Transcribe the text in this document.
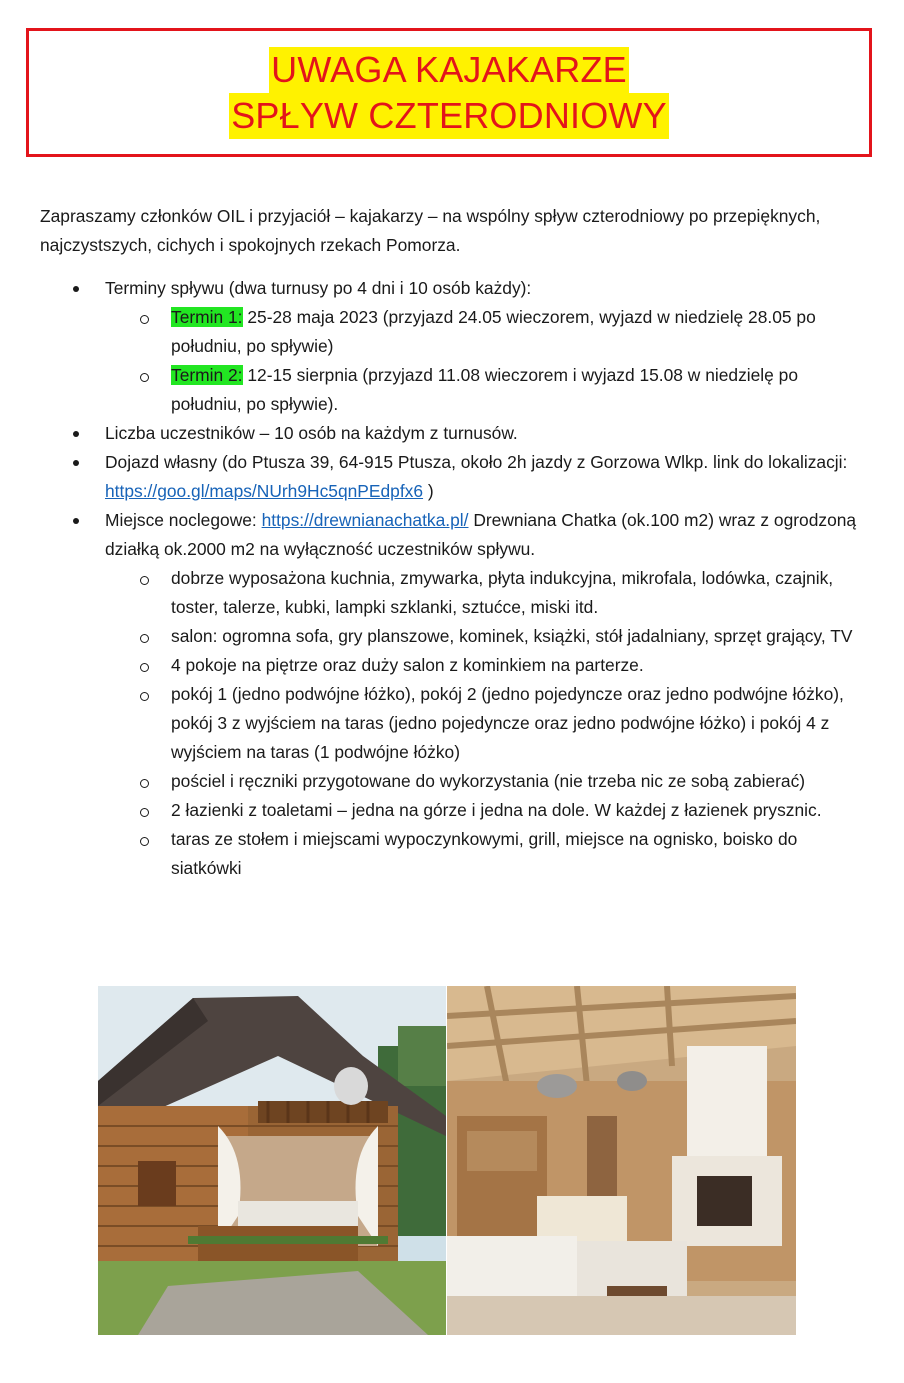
UWAGA KAJAKARZE
SPŁYW CZTERODNIOWY

Zapraszamy członków OIL i przyjaciół – kajakarzy – na wspólny spływ czterodniowy po przepięknych, najczystszych, cichych i spokojnych rzekach Pomorza.

Terminy spływu (dwa turnusy po 4 dni i 10 osób każdy):
Termin 1: 25-28 maja 2023 (przyjazd 24.05 wieczorem, wyjazd w niedzielę 28.05 po południu, po spływie)
Termin 2: 12-15 sierpnia (przyjazd 11.08 wieczorem i wyjazd 15.08 w niedzielę po południu, po spływie).
Liczba uczestników – 10 osób na każdym z turnusów.
Dojazd własny (do Ptusza 39, 64-915 Ptusza, około 2h jazdy z Gorzowa Wlkp. link do lokalizacji: https://goo.gl/maps/NUrh9Hc5qnPEdpfx6 )
Miejsce noclegowe: https://drewnianachatka.pl/ Drewniana Chatka (ok.100 m2) wraz z ogrodzoną działką ok.2000 m2 na wyłączność uczestników spływu.
dobrze wyposażona kuchnia, zmywarka, płyta indukcyjna, mikrofala, lodówka, czajnik, toster, talerze, kubki, lampki szklanki, sztućce, miski itd.
salon: ogromna sofa, gry planszowe, kominek, książki, stół jadalniany, sprzęt grający, TV
4 pokoje na piętrze oraz duży salon z kominkiem na parterze.
pokój 1 (jedno podwójne łóżko), pokój 2 (jedno pojedyncze oraz jedno podwójne łóżko), pokój 3 z wyjściem na taras (jedno pojedyncze oraz jedno podwójne łóżko) i pokój 4 z wyjściem na taras (1 podwójne łóżko)
pościel i ręczniki przygotowane do wykorzystania (nie trzeba nic ze sobą zabierać)
2 łazienki z toaletami – jedna na górze i jedna na dole. W każdej z łazienek prysznic.
taras ze stołem i miejscami wypoczynkowymi, grill, miejsce na ognisko, boisko do siatkówki
